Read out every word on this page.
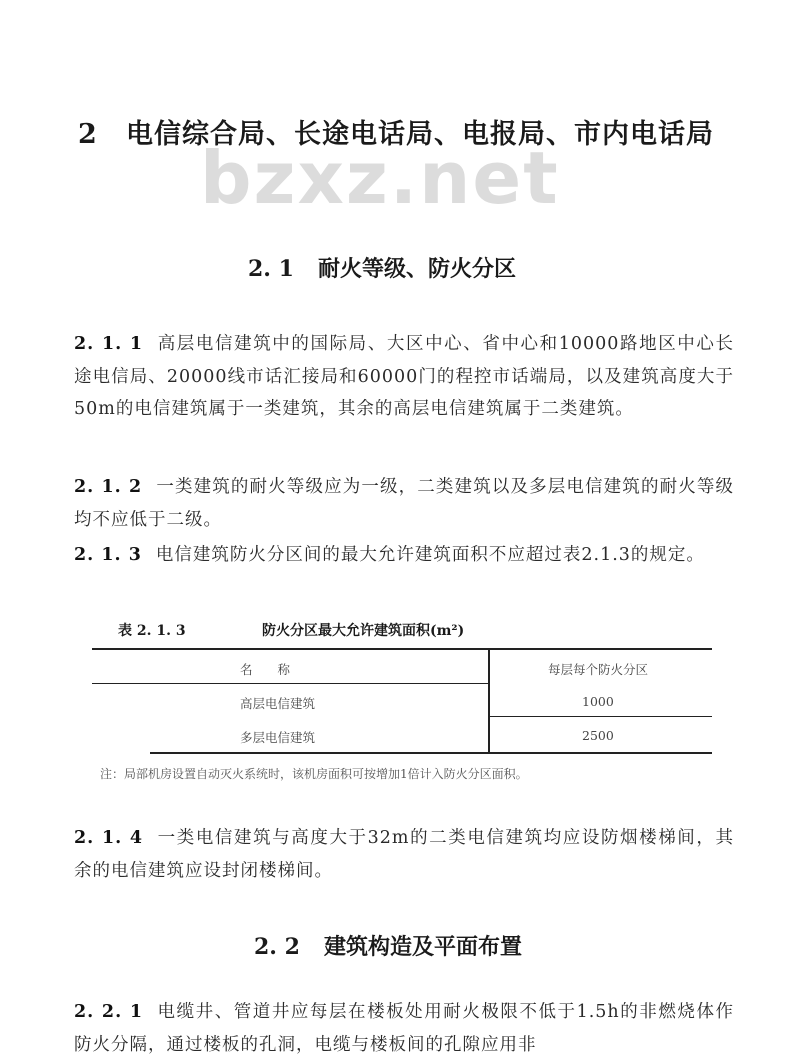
bzxz.net
2 电信综合局、长途电话局、电报局、市内电话局
2. 1 耐火等级、防火分区
2. 1. 1 高层电信建筑中的国际局、大区中心、省中心和10000路地区中心长途电信局、20000线市话汇接局和60000门的程控市话端局，以及建筑高度大于50m的电信建筑属于一类建筑，其余的高层电信建筑属于二类建筑。
2. 1. 2 一类建筑的耐火等级应为一级，二类建筑以及多层电信建筑的耐火等级均不应低于二级。
2. 1. 3 电信建筑防火分区间的最大允许建筑面积不应超过表2.1.3的规定。
表 2. 1. 3	防火分区最大允许建筑面积(m²)
名　　称	每层每个防火分区
高层电信建筑	1000
多层电信建筑	2500
注：局部机房设置自动灭火系统时，该机房面积可按增加1倍计入防火分区面积。
2. 1. 4 一类电信建筑与高度大于32m的二类电信建筑均应设防烟楼梯间，其余的电信建筑应设封闭楼梯间。
2. 2 建筑构造及平面布置
2. 2. 1 电缆井、管道井应每层在楼板处用耐火极限不低于1.5h的非燃烧体作防火分隔，通过楼板的孔洞，电缆与楼板间的孔隙应用非
